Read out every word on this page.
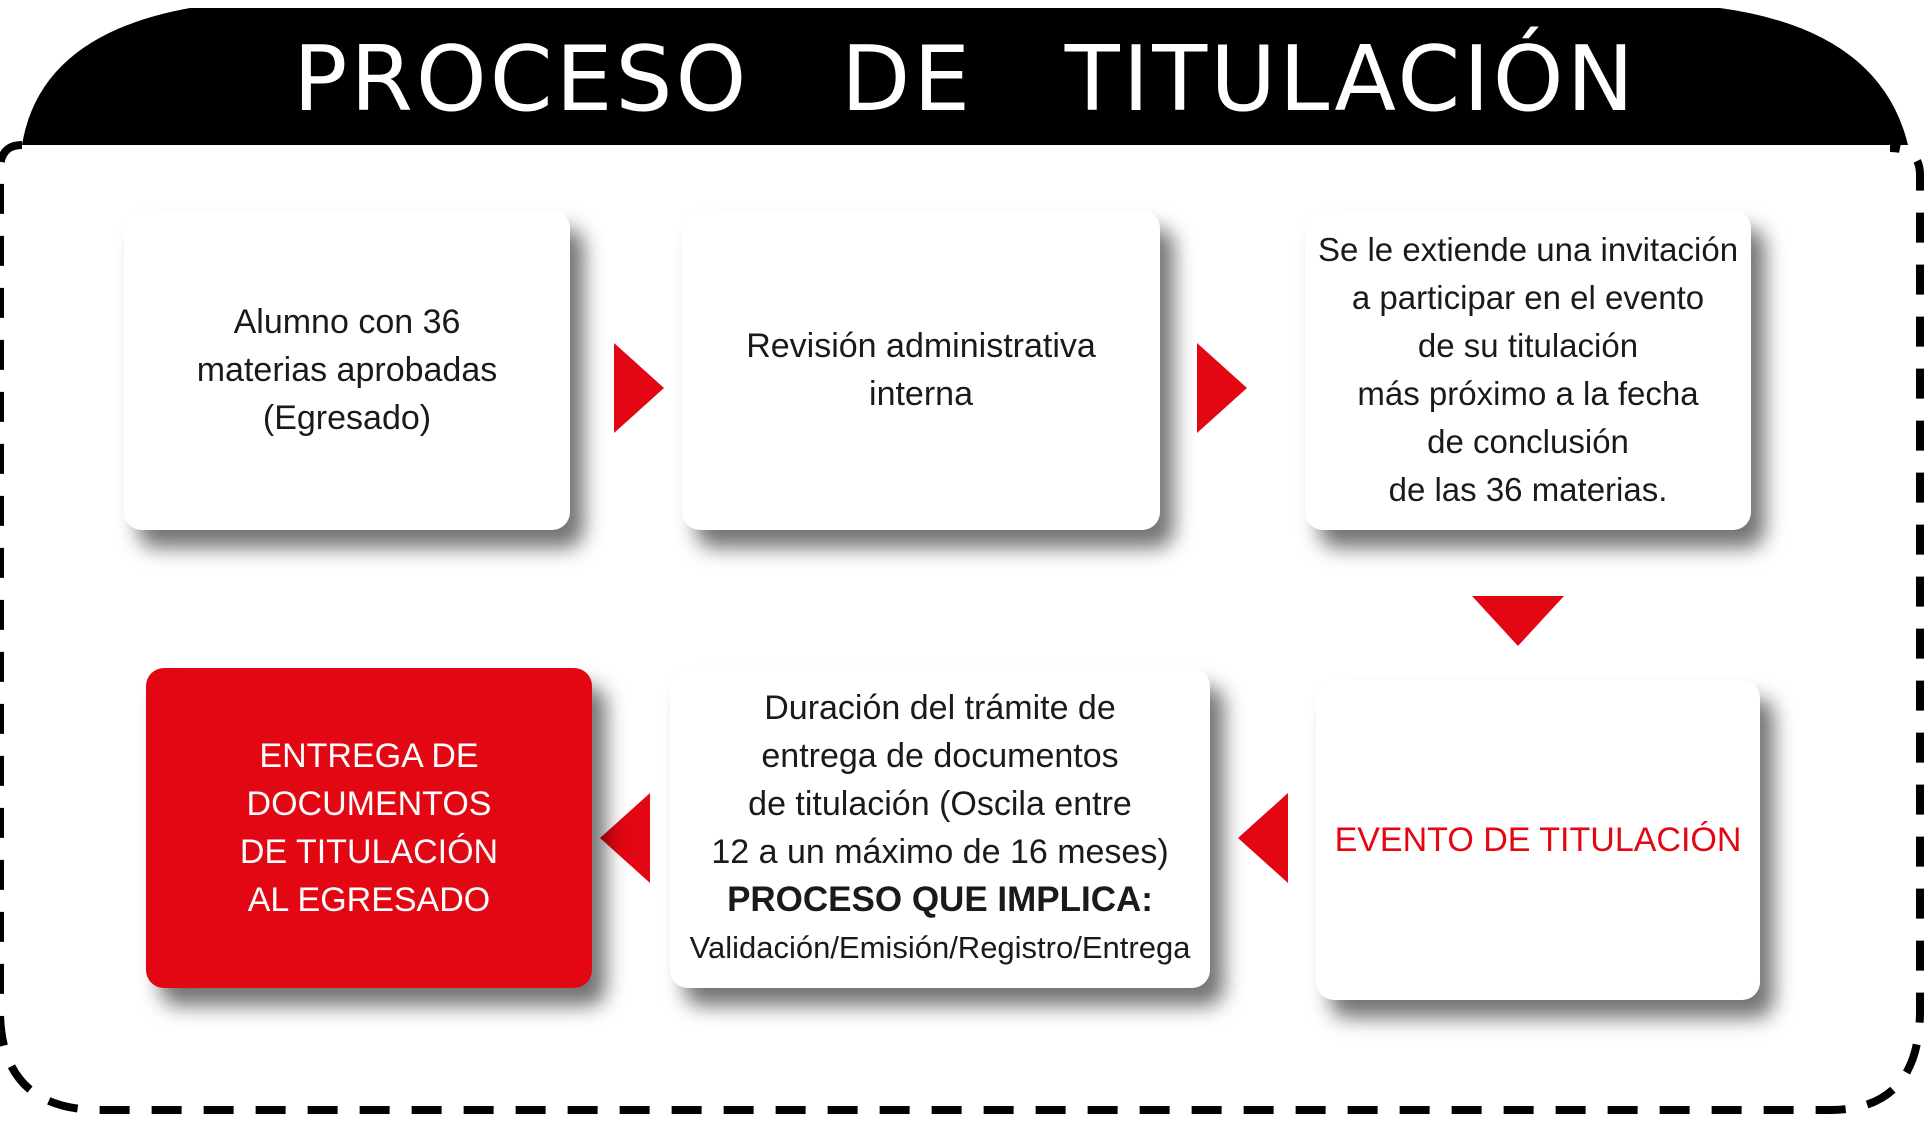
PROCESO DE TITULACIÓN
Alumno con 36
materias aprobadas
(Egresado)
Revisión administrativa
interna
Se le extiende una invitación
a participar en el evento
de su titulación
más próximo a la fecha
de conclusión
de las 36 materias.
EVENTO DE TITULACIÓN
Duración del trámite de
entrega de documentos
de titulación (Oscila entre
12 a un máximo de 16 meses)
PROCESO QUE IMPLICA:
Validación/Emisión/Registro/Entrega
ENTREGA DE
DOCUMENTOS
DE TITULACIÓN
AL EGRESADO
